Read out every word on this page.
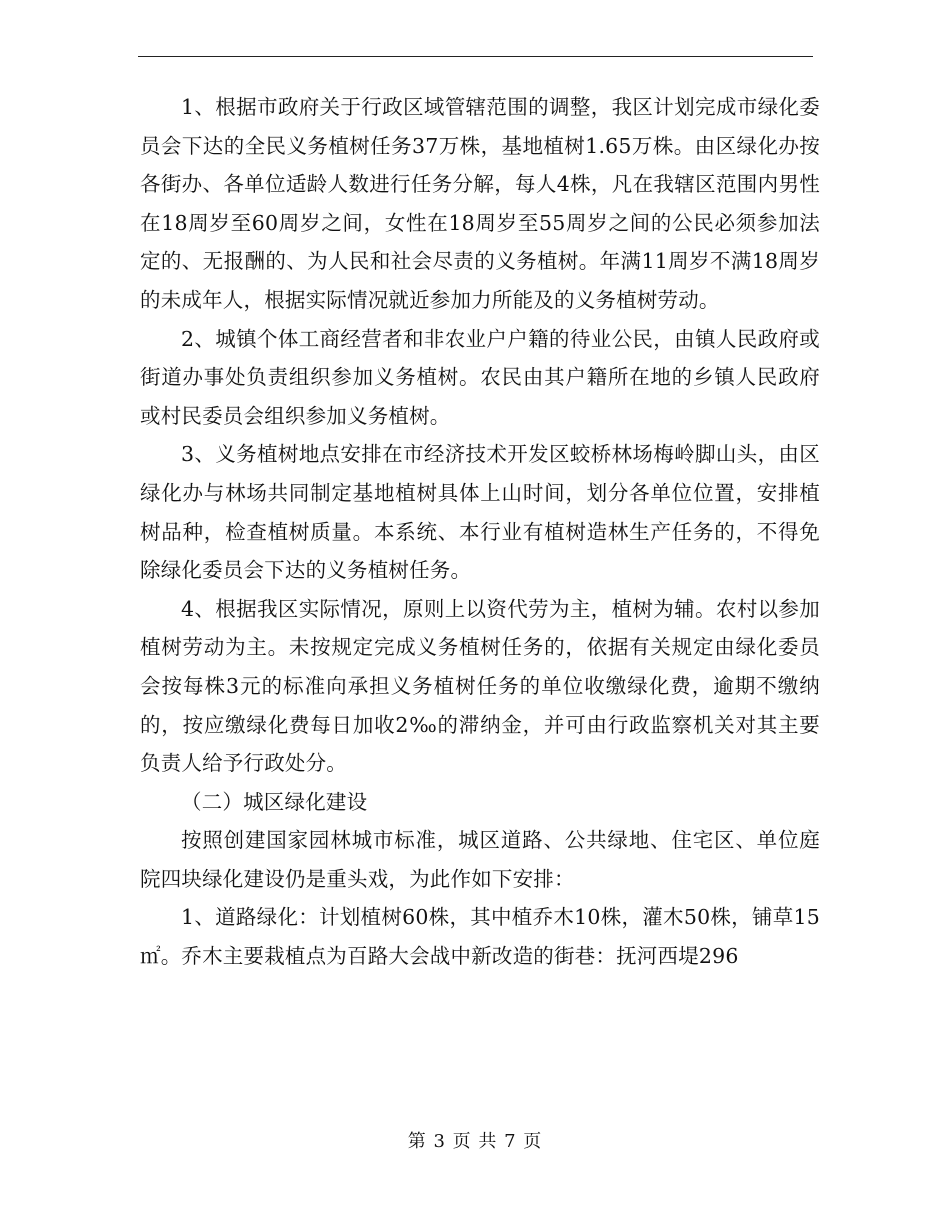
1、根据市政府关于行政区域管辖范围的调整，我区计划完成市绿化委员会下达的全民义务植树任务37万株，基地植树1.65万株。由区绿化办按各街办、各单位适龄人数进行任务分解，每人4株，凡在我辖区范围内男性在18周岁至60周岁之间，女性在18周岁至55周岁之间的公民必须参加法定的、无报酬的、为人民和社会尽责的义务植树。年满11周岁不满18周岁的未成年人，根据实际情况就近参加力所能及的义务植树劳动。

2、城镇个体工商经营者和非农业户户籍的待业公民，由镇人民政府或街道办事处负责组织参加义务植树。农民由其户籍所在地的乡镇人民政府或村民委员会组织参加义务植树。

3、义务植树地点安排在市经济技术开发区蛟桥林场梅岭脚山头，由区绿化办与林场共同制定基地植树具体上山时间，划分各单位位置，安排植树品种，检查植树质量。本系统、本行业有植树造林生产任务的，不得免除绿化委员会下达的义务植树任务。

4、根据我区实际情况，原则上以资代劳为主，植树为辅。农村以参加植树劳动为主。未按规定完成义务植树任务的，依据有关规定由绿化委员会按每株3元的标准向承担义务植树任务的单位收缴绿化费，逾期不缴纳的，按应缴绿化费每日加收2‰的滞纳金，并可由行政监察机关对其主要负责人给予行政处分。

（二）城区绿化建设

按照创建国家园林城市标准，城区道路、公共绿地、住宅区、单位庭院四块绿化建设仍是重头戏，为此作如下安排：

1、道路绿化：计划植树60株，其中植乔木10株，灌木50株，铺草15㎡。乔木主要栽植点为百路大会战中新改造的街巷：抚河西堤296

第 3 页 共 7 页
